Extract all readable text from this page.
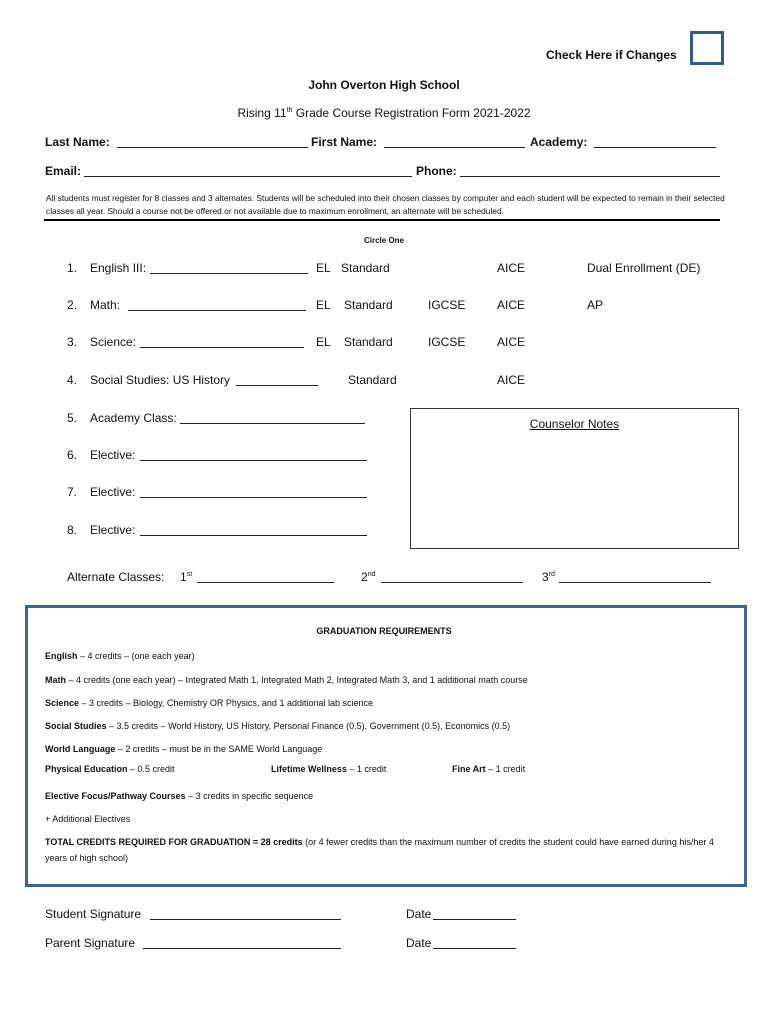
Check Here if Changes
John Overton High School
Rising 11th Grade Course Registration Form 2021-2022
Last Name:	First Name:	Academy:
Email:	Phone:
All students must register for 8 classes and 3 alternates. Students will be scheduled into their chosen classes by computer and each student will be expected to remain in their selected classes all year. Should a course not be offered or not available due to maximum enrollment, an alternate will be scheduled.
Circle One
1. English III:	EL Standard	AICE	Dual Enrollment (DE)
2. Math:	EL Standard	IGCSE	AICE	AP
3. Science:	EL Standard	IGCSE	AICE
4. Social Studies: US History	Standard	AICE
5. Academy Class:
6. Elective:
7. Elective:
8. Elective:
Counselor Notes
Alternate Classes: 1st	2nd	3rd
GRADUATION REQUIREMENTS
English – 4 credits – (one each year)
Math – 4 credits (one each year) – Integrated Math 1, Integrated Math 2, Integrated Math 3, and 1 additional math course
Science – 3 credits – Biology, Chemistry OR Physics, and 1 additional lab science
Social Studies – 3.5 credits – World History, US History, Personal Finance (0.5), Government (0.5), Economics (0.5)
World Language – 2 credits – must be in the SAME World Language
Physical Education – 0.5 credit	Lifetime Wellness – 1 credit	Fine Art – 1 credit
Elective Focus/Pathway Courses – 3 credits in specific sequence
+ Additional Electives
TOTAL CREDITS REQUIRED FOR GRADUATION = 28 credits (or 4 fewer credits than the maximum number of credits the student could have earned during his/her 4 years of high school)
Student Signature	Date
Parent Signature	Date
